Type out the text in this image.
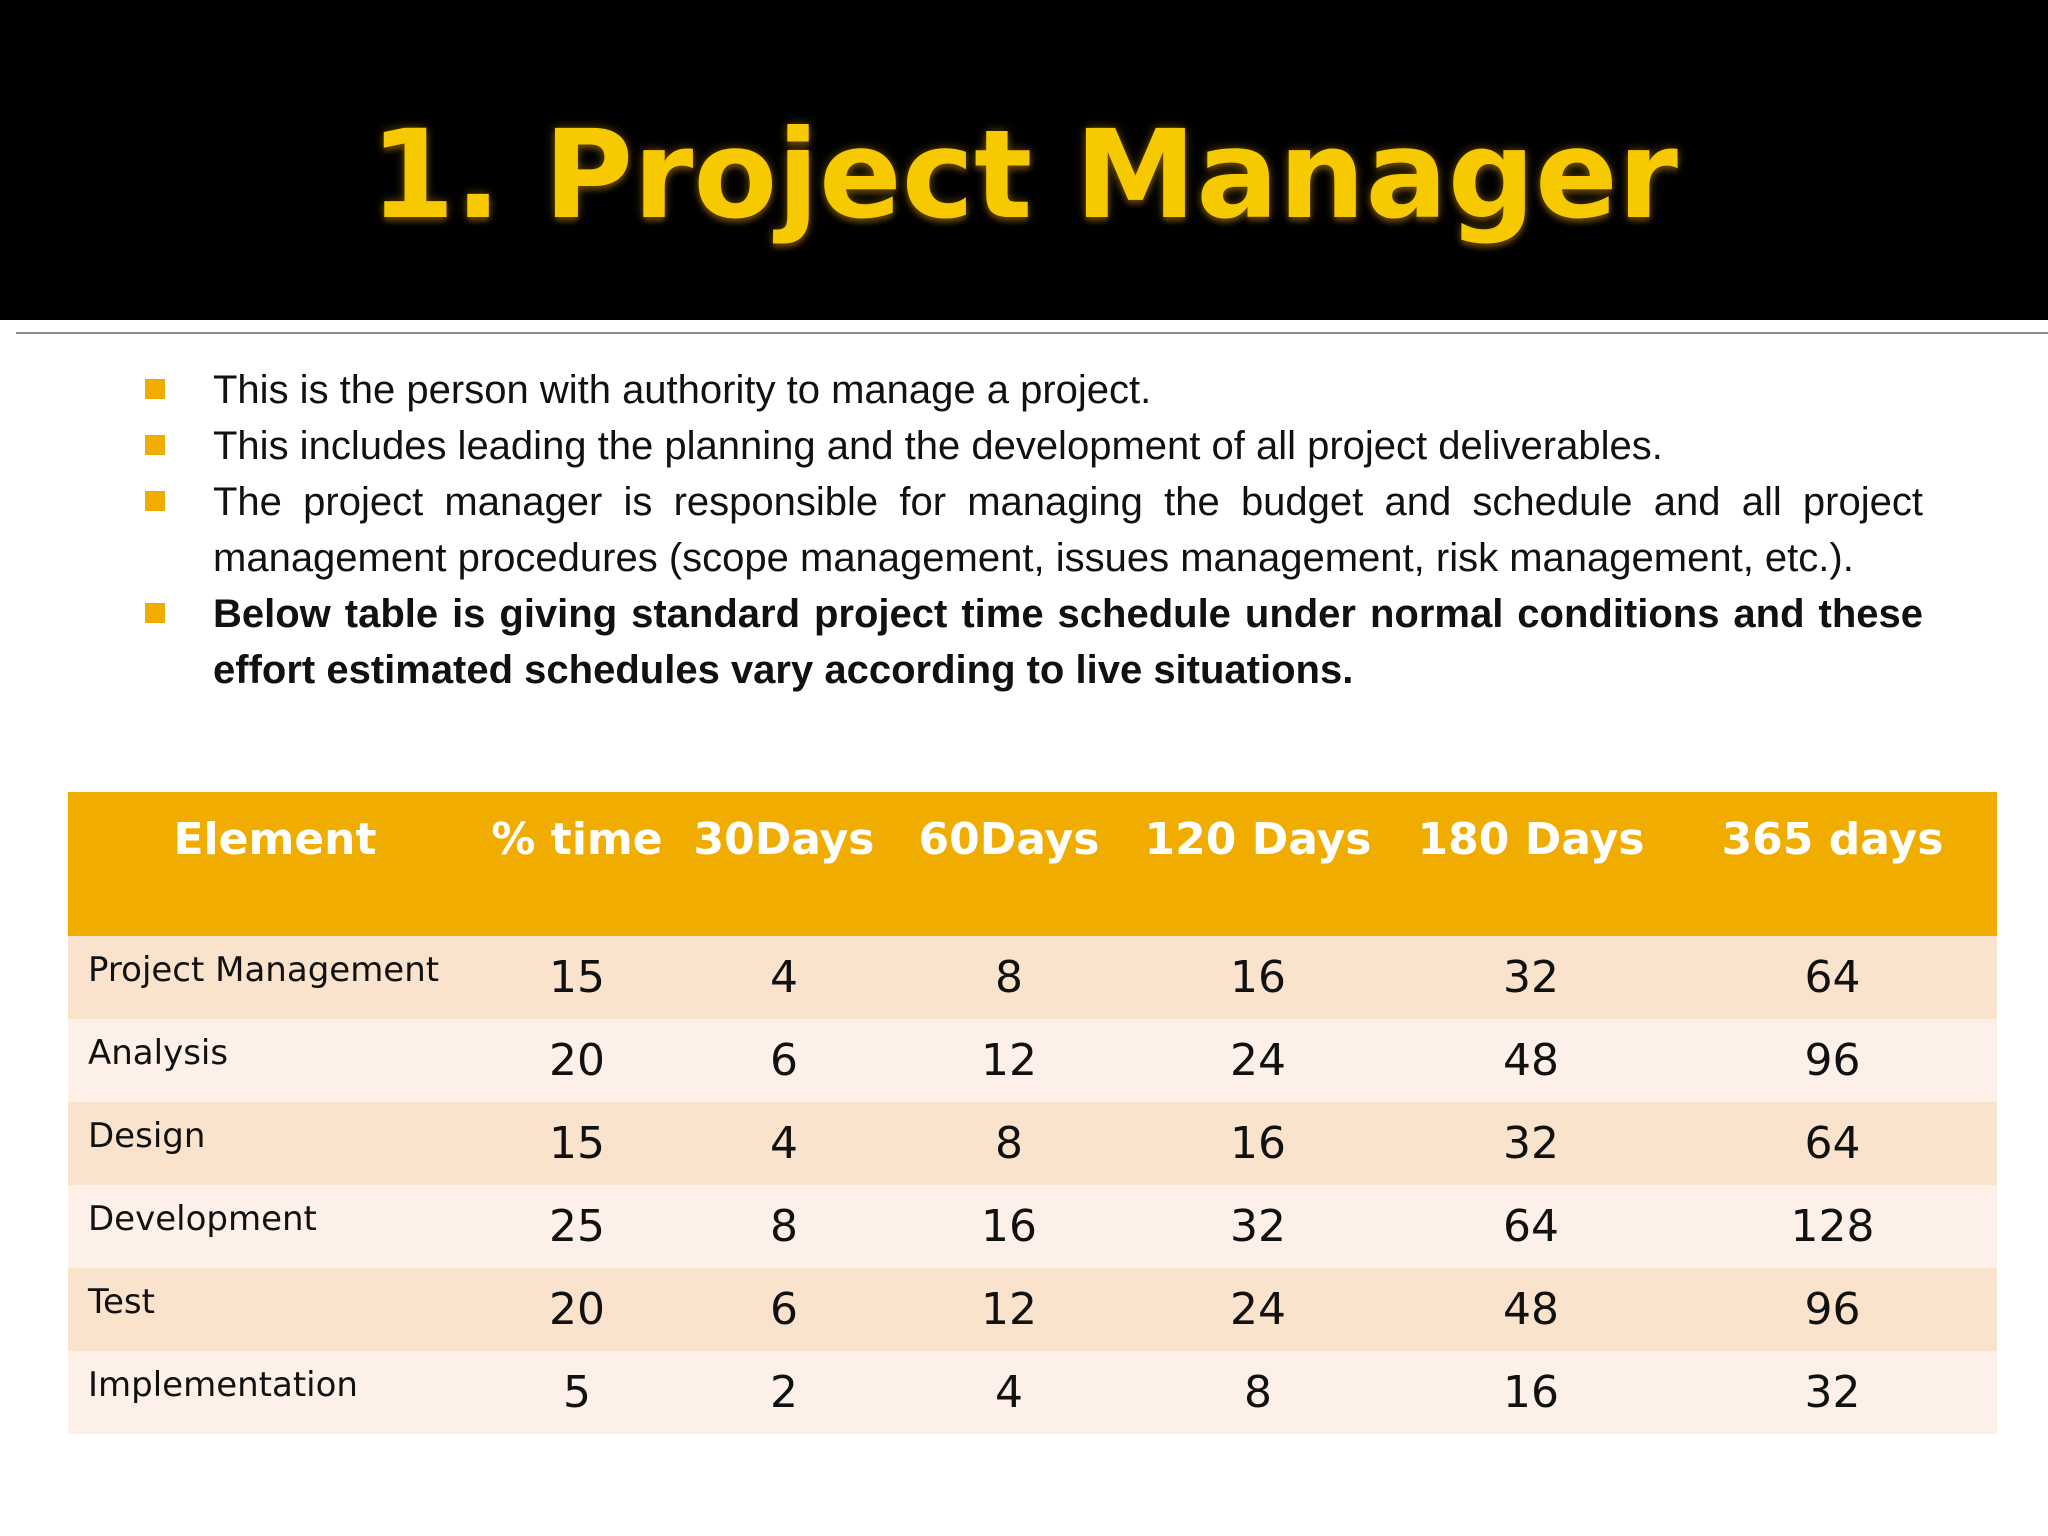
1. Project Manager
This is the person with authority to manage a project.
This includes leading the planning and the development of all project deliverables.
The project manager is responsible for managing the budget and schedule and all project management procedures (scope management, issues management, risk management, etc.).
Below table is giving standard project time schedule under normal conditions and these effort estimated schedules vary according to live situations.
Element	% time	30Days	60Days	120 Days	180 Days	365 days
Project Management	15	4	8	16	32	64
Analysis	20	6	12	24	48	96
Design	15	4	8	16	32	64
Development	25	8	16	32	64	128
Test	20	6	12	24	48	96
Implementation	5	2	4	8	16	32
